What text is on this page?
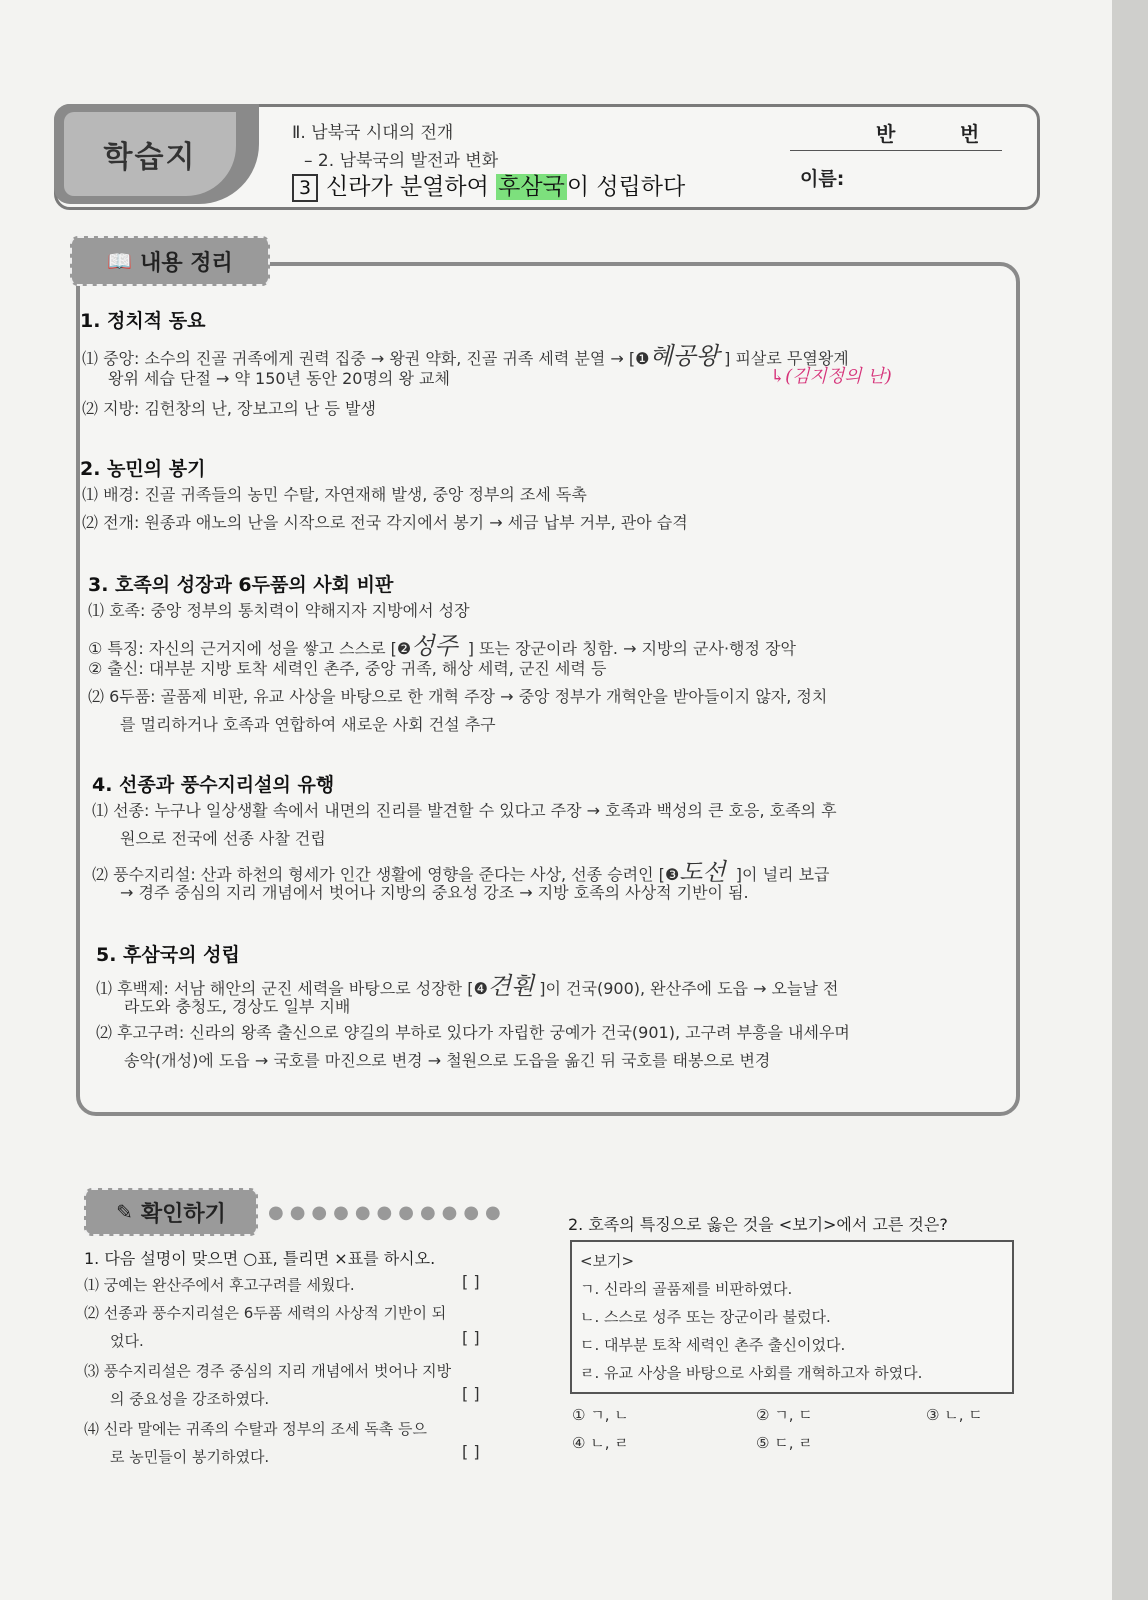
학습지
Ⅱ. 남북국 시대의 전개
– 2. 남북국의 발전과 변화
3 신라가 분열하여 후삼국이 성립하다
반	번
이름:
📖 내용 정리
1. 정치적 동요
⑴ 중앙: 소수의 진골 귀족에게 권력 집중 → 왕권 약화, 진골 귀족 세력 분열 → [❶혜공왕 ] 피살로 무열왕계
↳(김지정의 난)
왕위 세습 단절 → 약 150년 동안 20명의 왕 교체
⑵ 지방: 김헌창의 난, 장보고의 난 등 발생
2. 농민의 봉기
⑴ 배경: 진골 귀족들의 농민 수탈, 자연재해 발생, 중앙 정부의 조세 독촉
⑵ 전개: 원종과 애노의 난을 시작으로 전국 각지에서 봉기 → 세금 납부 거부, 관아 습격
3. 호족의 성장과 6두품의 사회 비판
⑴ 호족: 중앙 정부의 통치력이 약해지자 지방에서 성장
① 특징: 자신의 근거지에 성을 쌓고 스스로 [❷성주 ] 또는 장군이라 칭함. → 지방의 군사·행정 장악
② 출신: 대부분 지방 토착 세력인 촌주, 중앙 귀족, 해상 세력, 군진 세력 등
⑵ 6두품: 골품제 비판, 유교 사상을 바탕으로 한 개혁 주장 → 중앙 정부가 개혁안을 받아들이지 않자, 정치
를 멀리하거나 호족과 연합하여 새로운 사회 건설 추구
4. 선종과 풍수지리설의 유행
⑴ 선종: 누구나 일상생활 속에서 내면의 진리를 발견할 수 있다고 주장 → 호족과 백성의 큰 호응, 호족의 후
원으로 전국에 선종 사찰 건립
⑵ 풍수지리설: 산과 하천의 형세가 인간 생활에 영향을 준다는 사상, 선종 승려인 [❸도선 ]이 널리 보급
→ 경주 중심의 지리 개념에서 벗어나 지방의 중요성 강조 → 지방 호족의 사상적 기반이 됨.
5. 후삼국의 성립
⑴ 후백제: 서남 해안의 군진 세력을 바탕으로 성장한 [❹견훤 ]이 건국(900), 완산주에 도읍 → 오늘날 전
라도와 충청도, 경상도 일부 지배
⑵ 후고구려: 신라의 왕족 출신으로 양길의 부하로 있다가 자립한 궁예가 건국(901), 고구려 부흥을 내세우며
송악(개성)에 도읍 → 국호를 마진으로 변경 → 철원으로 도읍을 옮긴 뒤 국호를 태봉으로 변경
✎ 확인하기 ●●●●●●●●●●●
1. 다음 설명이 맞으면 ○표, 틀리면 ×표를 하시오.
⑴ 궁예는 완산주에서 후고구려를 세웠다.	[ ]
⑵ 선종과 풍수지리설은 6두품 세력의 사상적 기반이 되
었다.	[ ]
⑶ 풍수지리설은 경주 중심의 지리 개념에서 벗어나 지방
의 중요성을 강조하였다.	[ ]
⑷ 신라 말에는 귀족의 수탈과 정부의 조세 독촉 등으
로 농민들이 봉기하였다.	[ ]
2. 호족의 특징으로 옳은 것을 <보기>에서 고른 것은?
<보기>
ㄱ. 신라의 골품제를 비판하였다.
ㄴ. 스스로 성주 또는 장군이라 불렀다.
ㄷ. 대부분 토착 세력인 촌주 출신이었다.
ㄹ. 유교 사상을 바탕으로 사회를 개혁하고자 하였다.
① ㄱ, ㄴ	② ㄱ, ㄷ	③ ㄴ, ㄷ
④ ㄴ, ㄹ	⑤ ㄷ, ㄹ
